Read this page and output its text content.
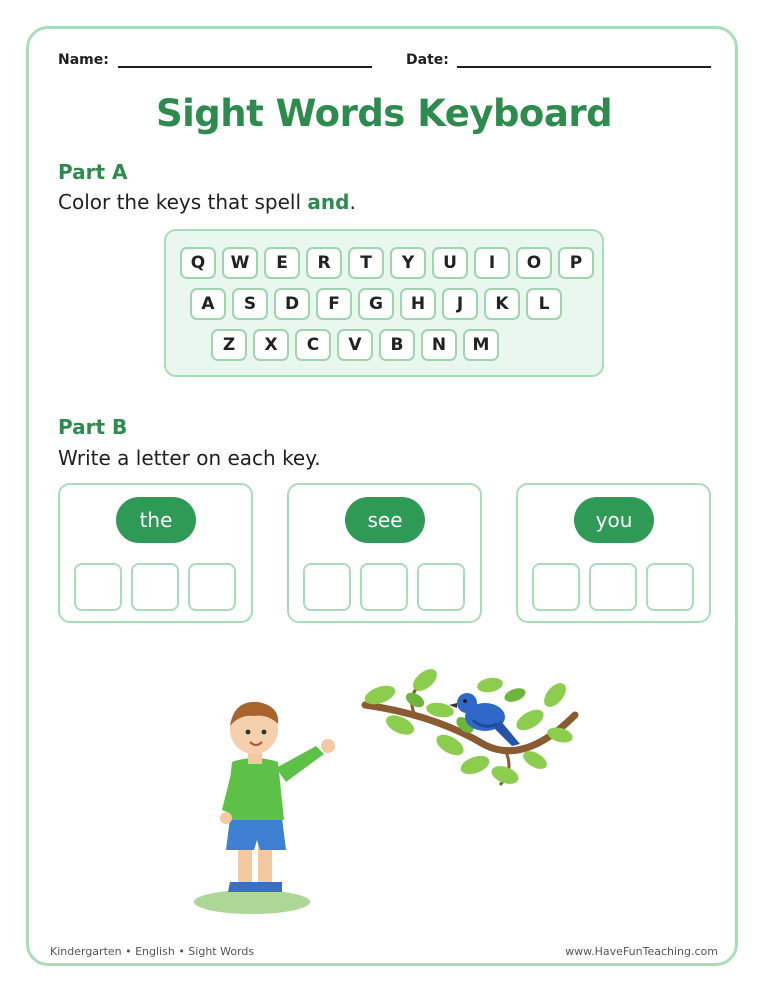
Name:	Date:
Sight Words Keyboard
Part A
Color the keys that spell and.
Q	W	E	R	T	Y	U	I	O	P
A	S	D	F	G	H	J	K	L
Z	X	C	V	B	N	M
Part B
Write a letter on each key.
the	see	you
Kindergarten • English • Sight Words	www.HaveFunTeaching.com
